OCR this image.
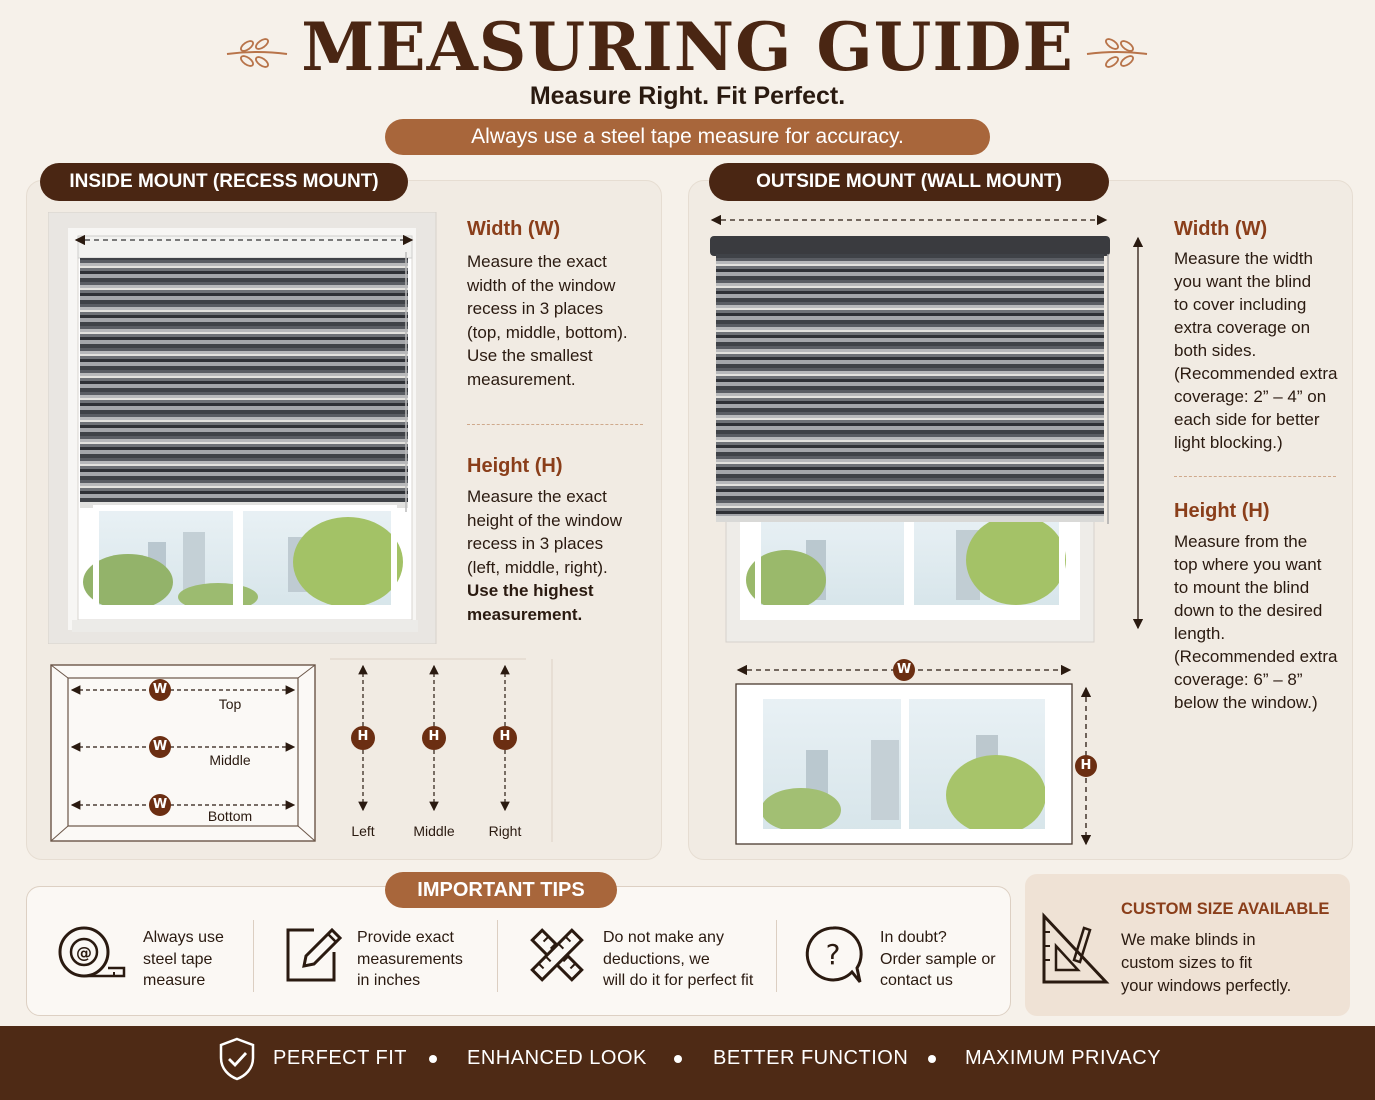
MEASURING GUIDE
Measure Right. Fit Perfect.
Always use a steel tape measure for accuracy.
INSIDE MOUNT (RECESS MOUNT)
Width (W)
Measure the exact
width of the window
recess in 3 places
(top, middle, bottom).
Use the smallest
measurement.
Height (H)
Measure the exact
height of the window
recess in 3 places
(left, middle, right).
Use the highest
measurement.
W
W
W
Top
Middle
Bottom
H	H	H
Left	Middle	Right
OUTSIDE MOUNT (WALL MOUNT)
W
H
Width (W)
Measure the width
you want the blind
to cover including
extra coverage on
both sides.
(Recommended extra
coverage: 2” – 4” on
each side for better
light blocking.)
Height (H)
Measure from the
top where you want
to mount the blind
down to the desired
length.
(Recommended extra
coverage: 6” – 8”
below the window.)
IMPORTANT TIPS
@
Always use
steel tape
measure
Provide exact
measurements
in inches
Do not make any
deductions, we
will do it for perfect fit
?
In doubt?
Order sample or
contact us
CUSTOM SIZE AVAILABLE
We make blinds in
custom sizes to fit
your windows perfectly.
PERFECT FIT	ENHANCED LOOK	BETTER FUNCTION	MAXIMUM PRIVACY
